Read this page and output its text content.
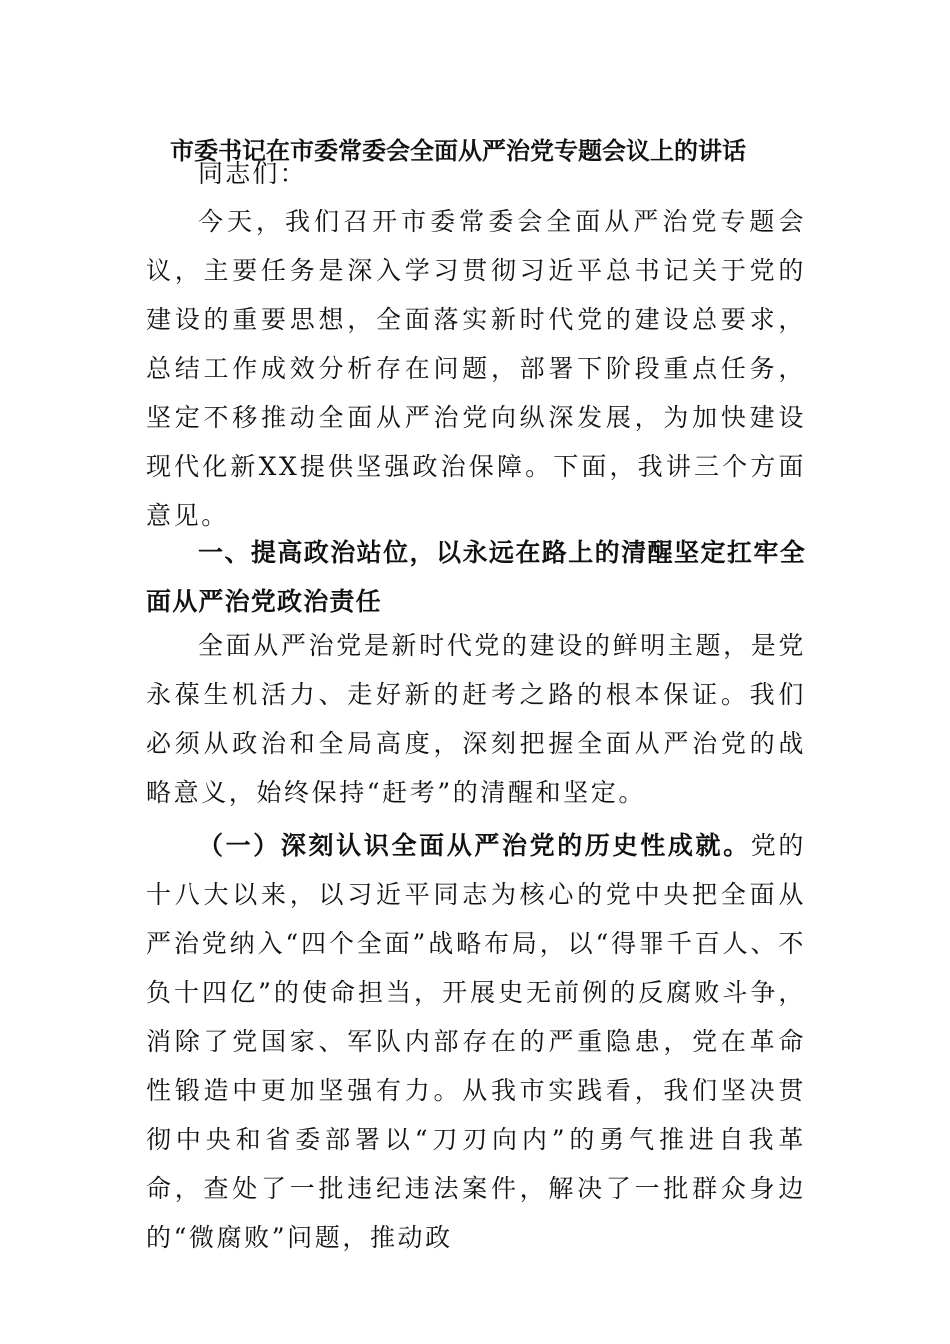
市委书记在市委常委会全面从严治党专题会议上的讲话

同志们：

今天，我们召开市委常委会全面从严治党专题会议，主要任务是深入学习贯彻习近平总书记关于党的建设的重要思想，全面落实新时代党的建设总要求，总结工作成效分析存在问题，部署下阶段重点任务，坚定不移推动全面从严治党向纵深发展，为加快建设现代化新XX提供坚强政治保障。下面，我讲三个方面意见。

一、提高政治站位，以永远在路上的清醒坚定扛牢全面从严治党政治责任

全面从严治党是新时代党的建设的鲜明主题，是党永葆生机活力、走好新的赶考之路的根本保证。我们必须从政治和全局高度，深刻把握全面从严治党的战略意义，始终保持“赶考”的清醒和坚定。

（一）深刻认识全面从严治党的历史性成就。党的十八大以来，以习近平同志为核心的党中央把全面从严治党纳入“四个全面”战略布局，以“得罪千百人、不负十四亿”的使命担当，开展史无前例的反腐败斗争，消除了党国家、军队内部存在的严重隐患，党在革命性锻造中更加坚强有力。从我市实践看，我们坚决贯彻中央和省委部署以“刀刃向内”的勇气推进自我革命，查处了一批违纪违法案件，解决了一批群众身边的“微腐败”问题，推动政
